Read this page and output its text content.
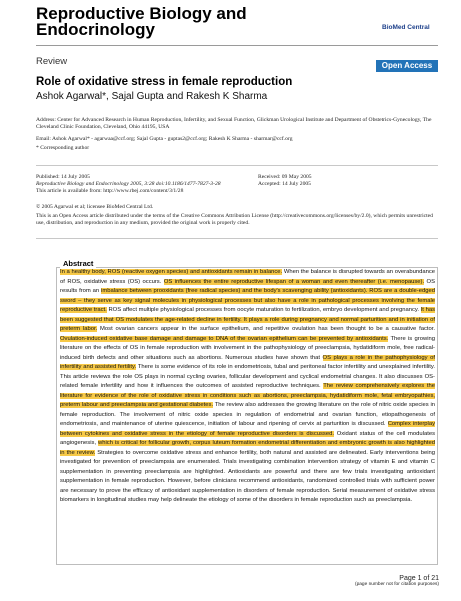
Reproductive Biology and Endocrinology	BioMed Central
Review	Open Access
Role of oxidative stress in female reproduction
Ashok Agarwal*, Sajal Gupta and Rakesh K Sharma
Address: Center for Advanced Research in Human Reproduction, Infertility, and Sexual Function, Glickman Urological Institute and Department of Obstetrics-Gynecology, The Cleveland Clinic Foundation, Cleveland, Ohio 44195, USA
Email: Ashok Agarwal* - agarwaa@ccf.org; Sajal Gupta - guptas2@ccf.org; Rakesh K Sharma - sharmar@ccf.org
* Corresponding author
Published: 14 July 2005
Reproductive Biology and Endocrinology 2005, 3:28 doi:10.1186/1477-7827-3-28
This article is available from: http://www.rbej.com/content/3/1/28
Received: 09 May 2005
Accepted: 14 July 2005
© 2005 Agarwal et al; licensee BioMed Central Ltd.
This is an Open Access article distributed under the terms of the Creative Commons Attribution License (http://creativecommons.org/licenses/by/2.0), which permits unrestricted use, distribution, and reproduction in any medium, provided the original work is properly cited.
Abstract
In a healthy body, ROS (reactive oxygen species) and antioxidants remain in balance. When the balance is disrupted towards an overabundance of ROS, oxidative stress (OS) occurs. OS influences the entire reproductive lifespan of a woman and even thereafter (i.e. menopause). OS results from an imbalance between prooxidants (free radical species) and the body's scavenging ability (antioxidants). ROS are a double-edged sword – they serve as key signal molecules in physiological processes but also have a role in pathological processes involving the female reproductive tract. ROS affect multiple physiological processes from oocyte maturation to fertilization, embryo development and pregnancy. It has been suggested that OS modulates the age-related decline in fertility. It plays a role during pregnancy and normal parturition and in initiation of preterm labor. Most ovarian cancers appear in the surface epithelium, and repetitive ovulation has been thought to be a causative factor. Ovulation-induced oxidative base damage and damage to DNA of the ovarian epithelium can be prevented by antioxidants. There is growing literature on the effects of OS in female reproduction with involvement in the pathophysiology of preeclampsia, hydatidiform mole, free radical-induced birth defects and other situations such as abortions. Numerous studies have shown that OS plays a role in the pathophysiology of infertility and assisted fertility. There is some evidence of its role in endometriosis, tubal and peritoneal factor infertility and unexplained infertility. This article reviews the role OS plays in normal cycling ovaries, follicular development and cyclical endometrial changes. It also discusses OS-related female infertility and how it influences the outcomes of assisted reproductive techniques. The review comprehensively explores the literature for evidence of the role of oxidative stress in conditions such as abortions, preeclampsia, hydatidiform mole, fetal embryopathies, preterm labour and preeclampsia and gestational diabetes. The review also addresses the growing literature on the role of nitric oxide species in female reproduction. The involvement of nitric oxide species in regulation of endometrial and ovarian function, etiopathogenesis of endometriosis, and maintenance of uterine quiescence, initiation of labour and ripening of cervix at parturition is discussed. Complex interplay between cytokines and oxidative stress in the etiology of female reproductive disorders is discussed. Oxidant status of the cell modulates angiogenesis, which is critical for follicular growth, corpus luteum formation endometrial differentiation and embryonic growth is also highlighted in the review. Strategies to overcome oxidative stress and enhance fertility, both natural and assisted are delineated. Early interventions being investigated for prevention of preeclampsia are enumerated. Trials investigating combination intervention strategy of vitamin E and vitamin C supplementation in preventing preeclampsia are highlighted. Antioxidants are powerful and there are few trials investigating antioxidant supplementation in female reproduction. However, before clinicians recommend antioxidants, randomized controlled trials with sufficient power are necessary to prove the efficacy of antioxidant supplementation in disorders of female reproduction. Serial measurement of oxidative stress biomarkers in longitudinal studies may help delineate the etiology of some of the disorders in female reproduction such as preeclampsia.
Page 1 of 21
(page number not for citation purposes)
